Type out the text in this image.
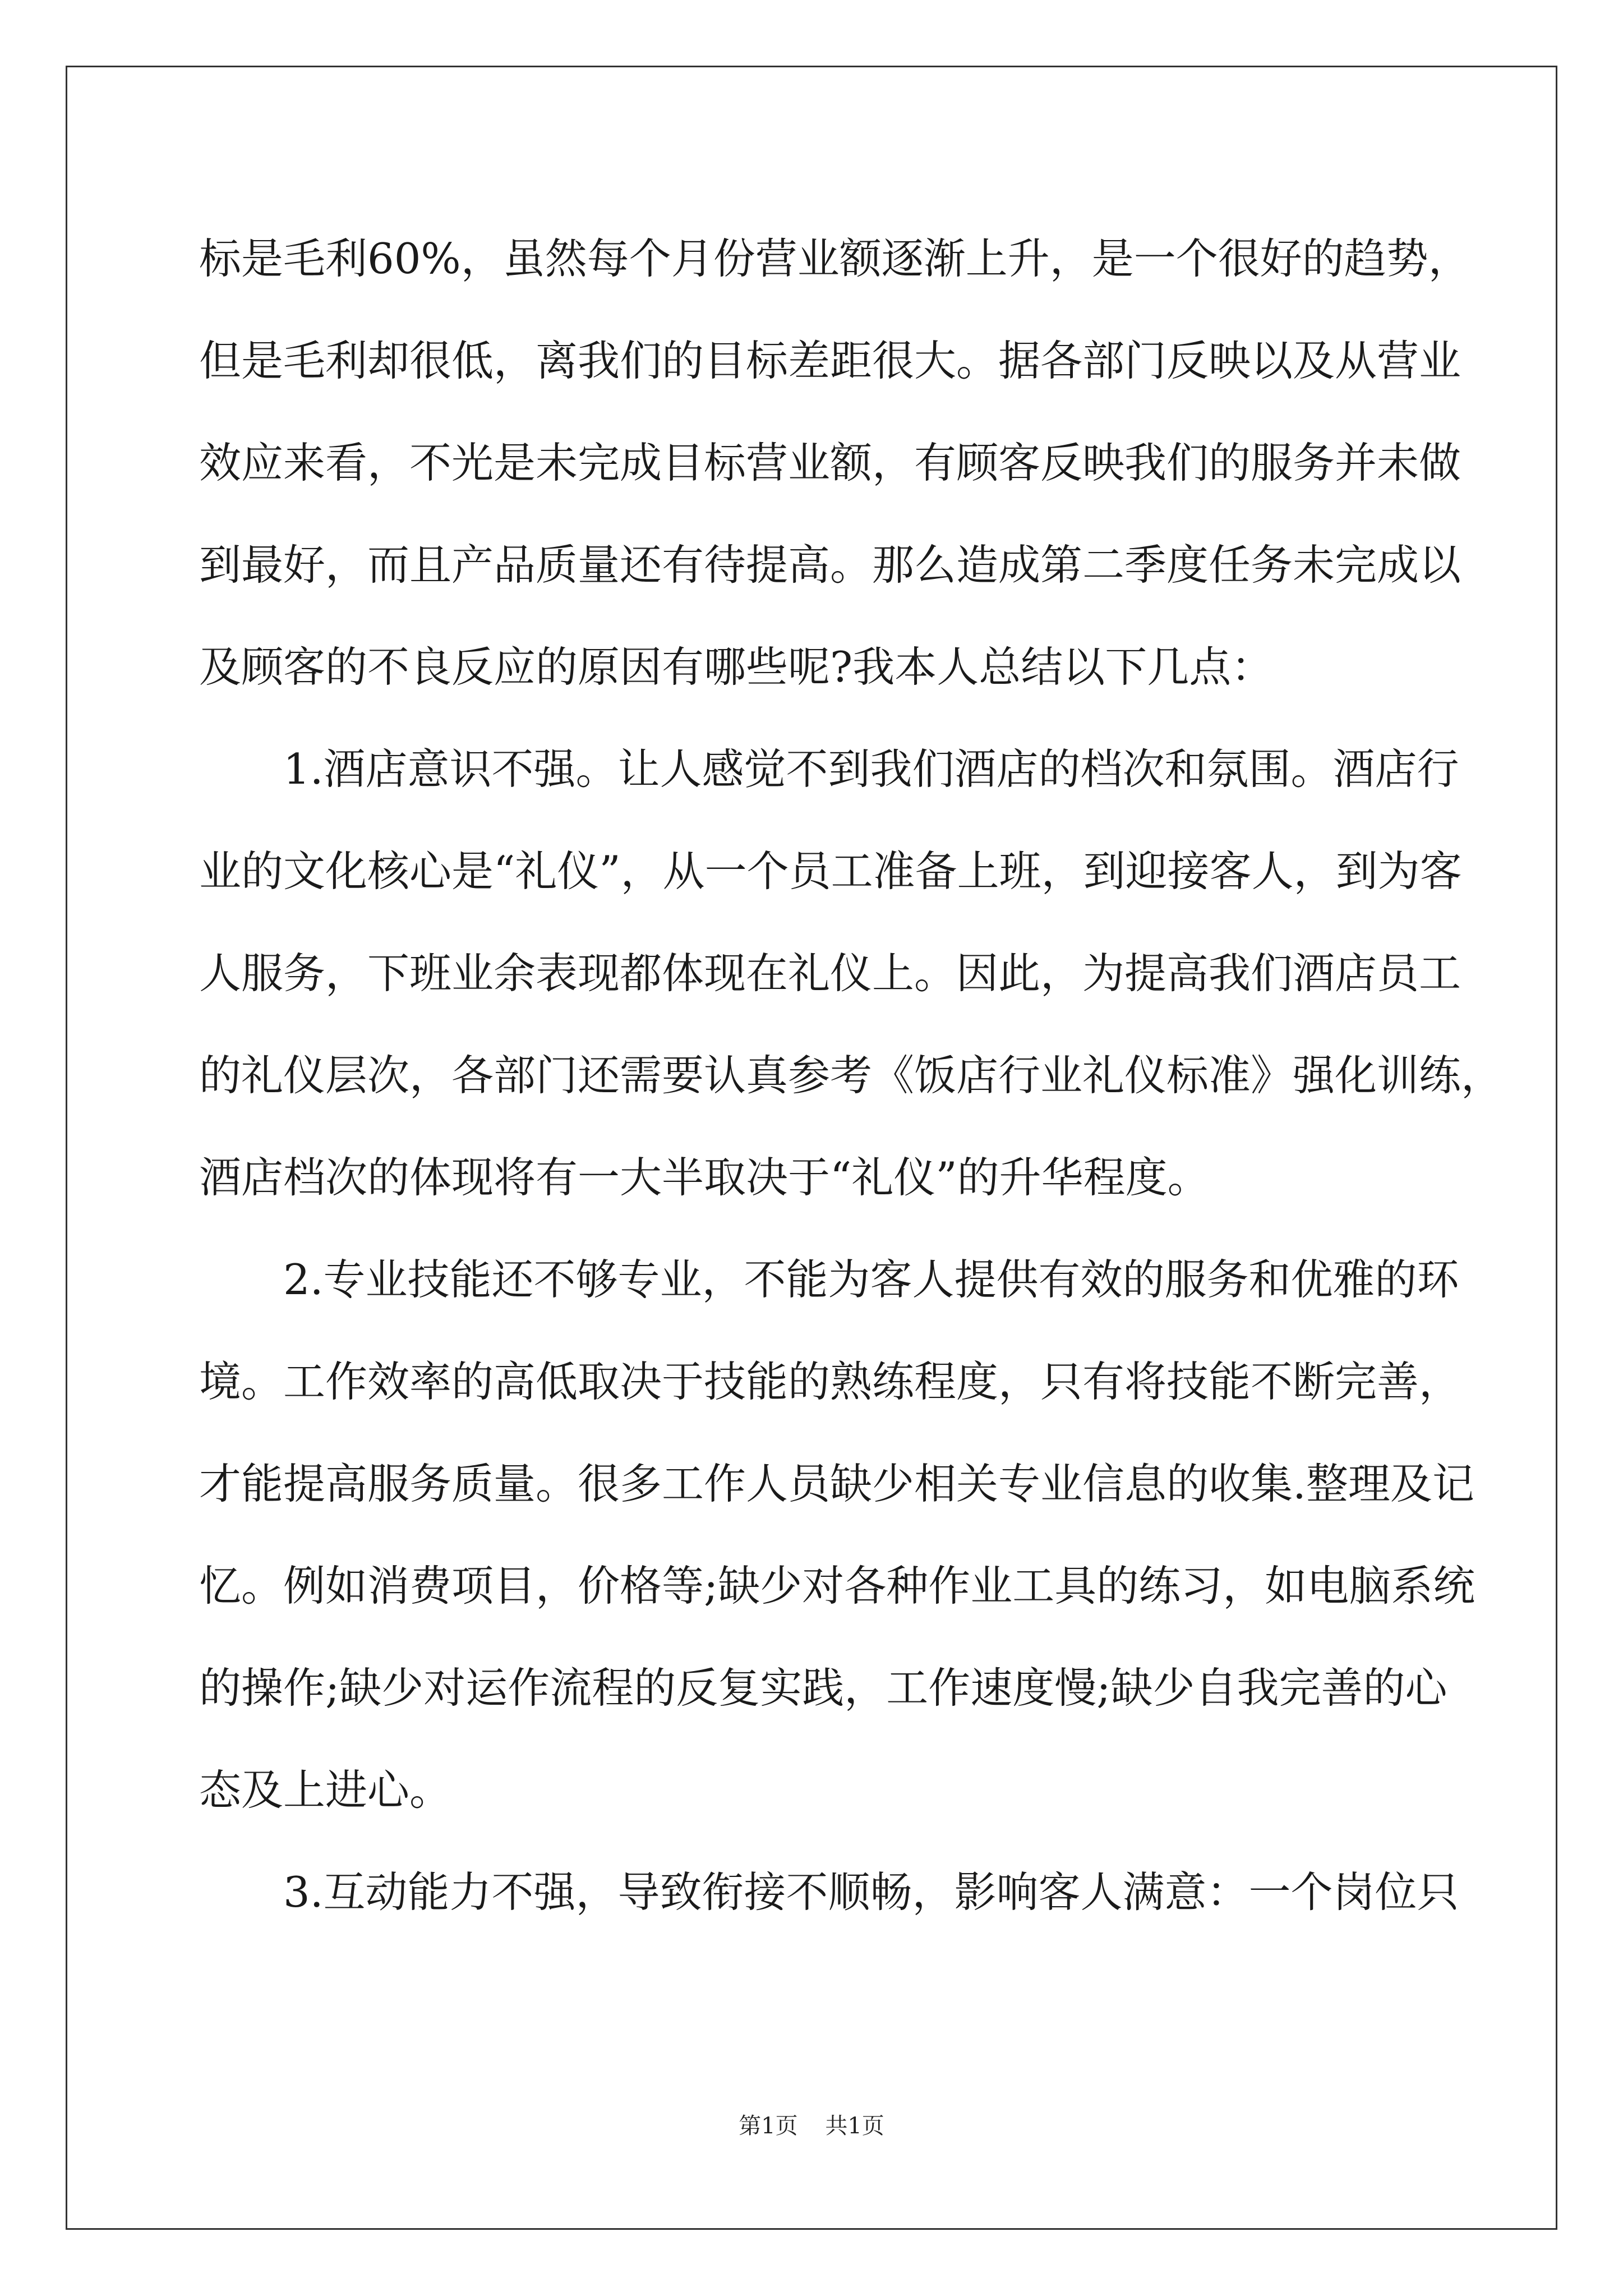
标是毛利60%，虽然每个月份营业额逐渐上升，是一个很好的趋势，
但是毛利却很低，离我们的目标差距很大。据各部门反映以及从营业
效应来看，不光是未完成目标营业额，有顾客反映我们的服务并未做
到最好，而且产品质量还有待提高。那么造成第二季度任务未完成以
及顾客的不良反应的原因有哪些呢?我本人总结以下几点：
1.酒店意识不强。让人感觉不到我们酒店的档次和氛围。酒店行
业的文化核心是“礼仪”，从一个员工准备上班，到迎接客人，到为客
人服务，下班业余表现都体现在礼仪上。因此，为提高我们酒店员工
的礼仪层次，各部门还需要认真参考《饭店行业礼仪标准》强化训练，
酒店档次的体现将有一大半取决于“礼仪”的升华程度。
2.专业技能还不够专业，不能为客人提供有效的服务和优雅的环
境。工作效率的高低取决于技能的熟练程度，只有将技能不断完善，
才能提高服务质量。很多工作人员缺少相关专业信息的收集.整理及记
忆。例如消费项目，价格等;缺少对各种作业工具的练习，如电脑系统
的操作;缺少对运作流程的反复实践，工作速度慢;缺少自我完善的心
态及上进心。
3.互动能力不强，导致衔接不顺畅，影响客人满意：一个岗位只
第1页 共1页
